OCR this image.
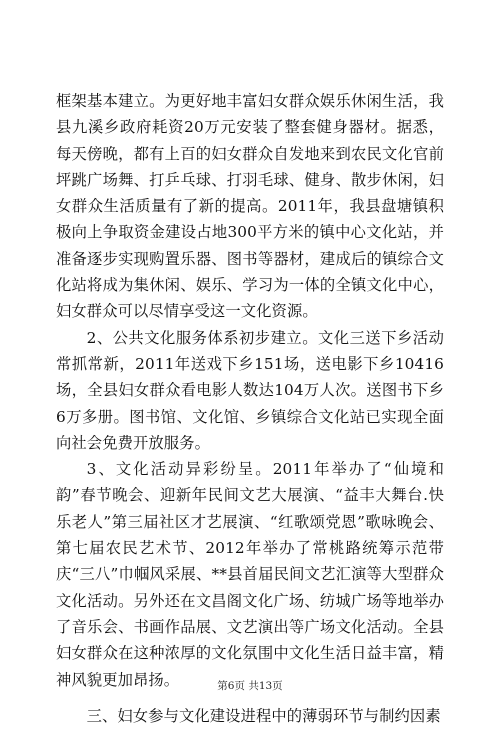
框架基本建立。为更好地丰富妇女群众娱乐休闲生活，我县九溪乡政府耗资20万元安装了整套健身器材。据悉，每天傍晚，都有上百的妇女群众自发地来到农民文化官前坪跳广场舞、打乒乓球、打羽毛球、健身、散步休闲，妇女群众生活质量有了新的提高。2011年，我县盘塘镇积极向上争取资金建设占地300平方米的镇中心文化站，并准备逐步实现购置乐器、图书等器材，建成后的镇综合文化站将成为集休闲、娱乐、学习为一体的全镇文化中心，妇女群众可以尽情享受这一文化资源。

2、公共文化服务体系初步建立。文化三送下乡活动常抓常新，2011年送戏下乡151场，送电影下乡10416场，全县妇女群众看电影人数达104万人次。送图书下乡6万多册。图书馆、文化馆、乡镇综合文化站已实现全面向社会免费开放服务。

3、文化活动异彩纷呈。2011年举办了“仙境和韵”春节晚会、迎新年民间文艺大展演、“益丰大舞台.快乐老人”第三届社区才艺展演、“红歌颂党恩”歌咏晚会、第七届农民艺术节、2012年举办了常桃路统筹示范带庆“三八”巾帼风采展、**县首届民间文艺汇演等大型群众文化活动。另外还在文昌阁文化广场、纺城广场等地举办了音乐会、书画作品展、文艺演出等广场文化活动。全县妇女群众在这种浓厚的文化氛围中文化生活日益丰富，精神风貌更加昂扬。

三、妇女参与文化建设进程中的薄弱环节与制约因素

第6页 共13页
